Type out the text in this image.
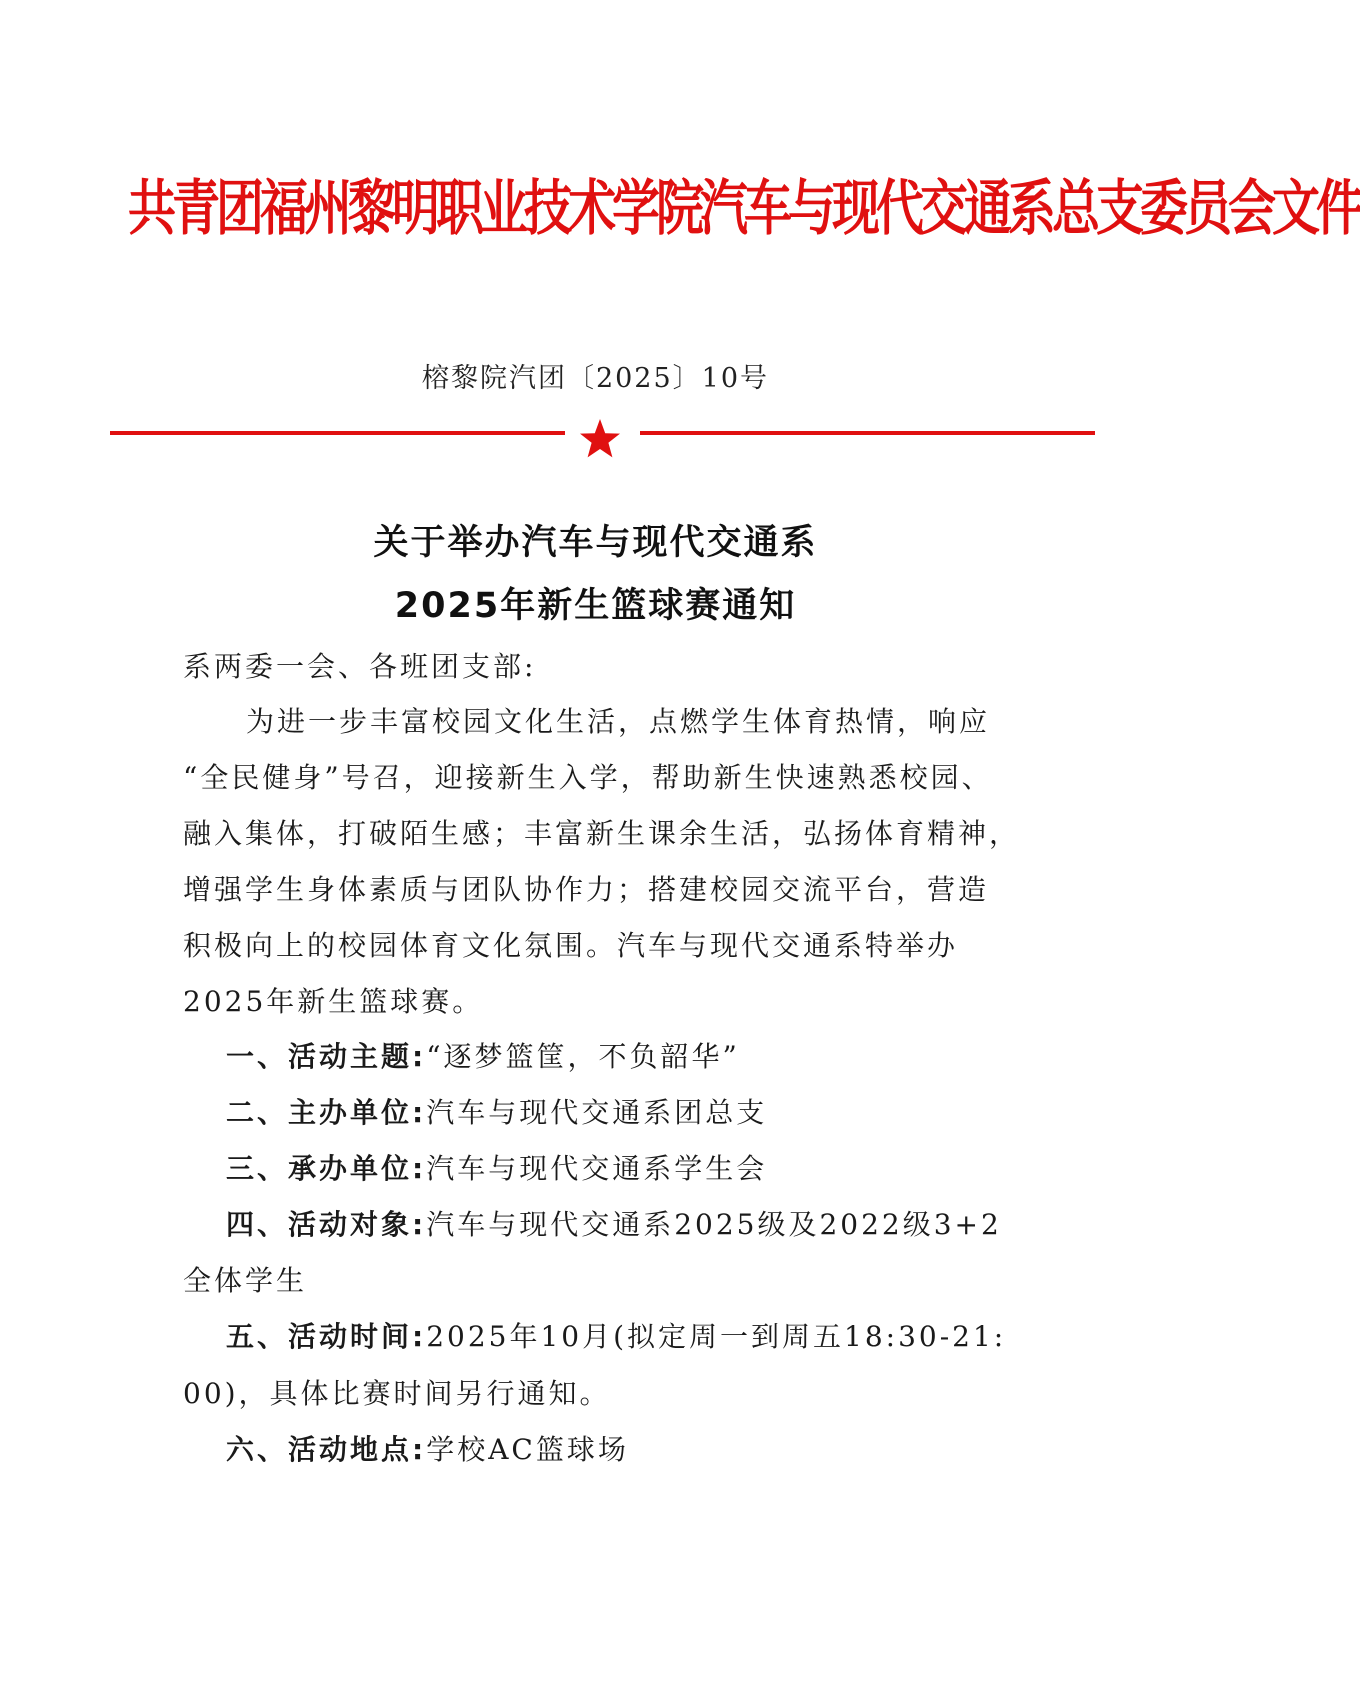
共青团福州黎明职业技术学院汽车与现代交通系总支委员会文件
榕黎院汽团〔2025〕10号
关于举办汽车与现代交通系
2025年新生篮球赛通知
系两委一会、各班团支部:
为进一步丰富校园文化生活，点燃学生体育热情，响应
“全民健身”号召，迎接新生入学，帮助新生快速熟悉校园、
融入集体，打破陌生感；丰富新生课余生活，弘扬体育精神，
增强学生身体素质与团队协作力；搭建校园交流平台，营造
积极向上的校园体育文化氛围。汽车与现代交通系特举办
2025年新生篮球赛。
一、活动主题:“逐梦篮筐，不负韶华”
二、主办单位:汽车与现代交通系团总支
三、承办单位:汽车与现代交通系学生会
四、活动对象:汽车与现代交通系2025级及2022级3+2
全体学生
五、活动时间:2025年10月(拟定周一到周五18:30-21:
00)，具体比赛时间另行通知。
六、活动地点:学校AC篮球场
